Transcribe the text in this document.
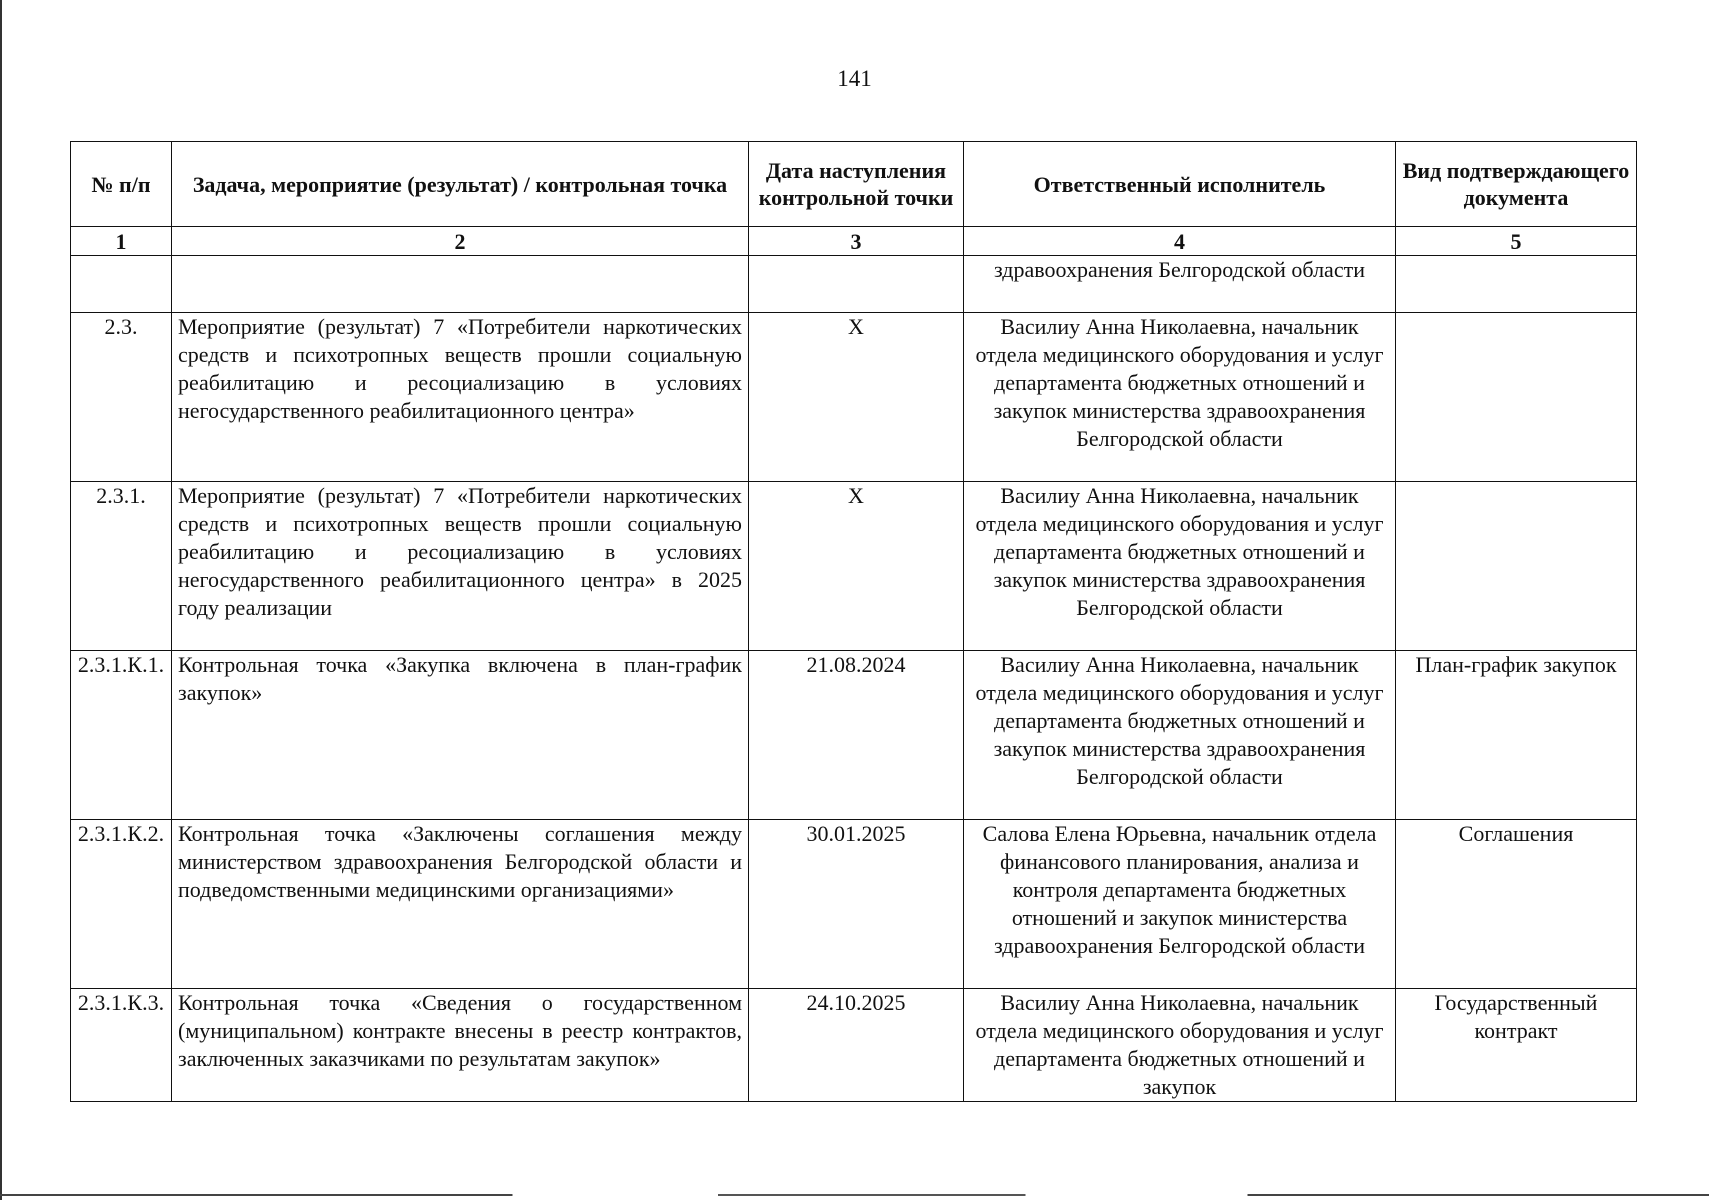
141
№ п/п	Задача, мероприятие (результат) / контрольная точка	Дата наступления контрольной точки	Ответственный исполнитель	Вид подтверждающего документа
1	2	3	4	5
			здравоохранения Белгородской области	
2.3.	Мероприятие (результат) 7 «Потребители наркотических средств и психотропных веществ прошли социальную реабилитацию и ресоциализацию в условиях негосударственного реабилитационного центра»	Х	Василиу Анна Николаевна, начальник отдела медицинского оборудования и услуг департамента бюджетных отношений и закупок министерства здравоохранения Белгородской области	
2.3.1.	Мероприятие (результат) 7 «Потребители наркотических средств и психотропных веществ прошли социальную реабилитацию и ресоциализацию в условиях негосударственного реабилитационного центра» в 2025 году реализации	Х	Василиу Анна Николаевна, начальник отдела медицинского оборудования и услуг департамента бюджетных отношений и закупок министерства здравоохранения Белгородской области	
2.3.1.К.1.	Контрольная точка «Закупка включена в план-график закупок»	21.08.2024	Василиу Анна Николаевна, начальник отдела медицинского оборудования и услуг департамента бюджетных отношений и закупок министерства здравоохранения Белгородской области	План-график закупок
2.3.1.К.2.	Контрольная точка «Заключены соглашения между министерством здравоохранения Белгородской области и подведомственными медицинскими организациями»	30.01.2025	Салова Елена Юрьевна, начальник отдела финансового планирования, анализа и контроля департамента бюджетных отношений и закупок министерства здравоохранения Белгородской области	Соглашения
2.3.1.К.3.	Контрольная точка «Сведения о государственном (муниципальном) контракте внесены в реестр контрактов, заключенных заказчиками по результатам закупок»	24.10.2025	Василиу Анна Николаевна, начальник отдела медицинского оборудования и услуг департамента бюджетных отношений и закупок	Государственный контракт
